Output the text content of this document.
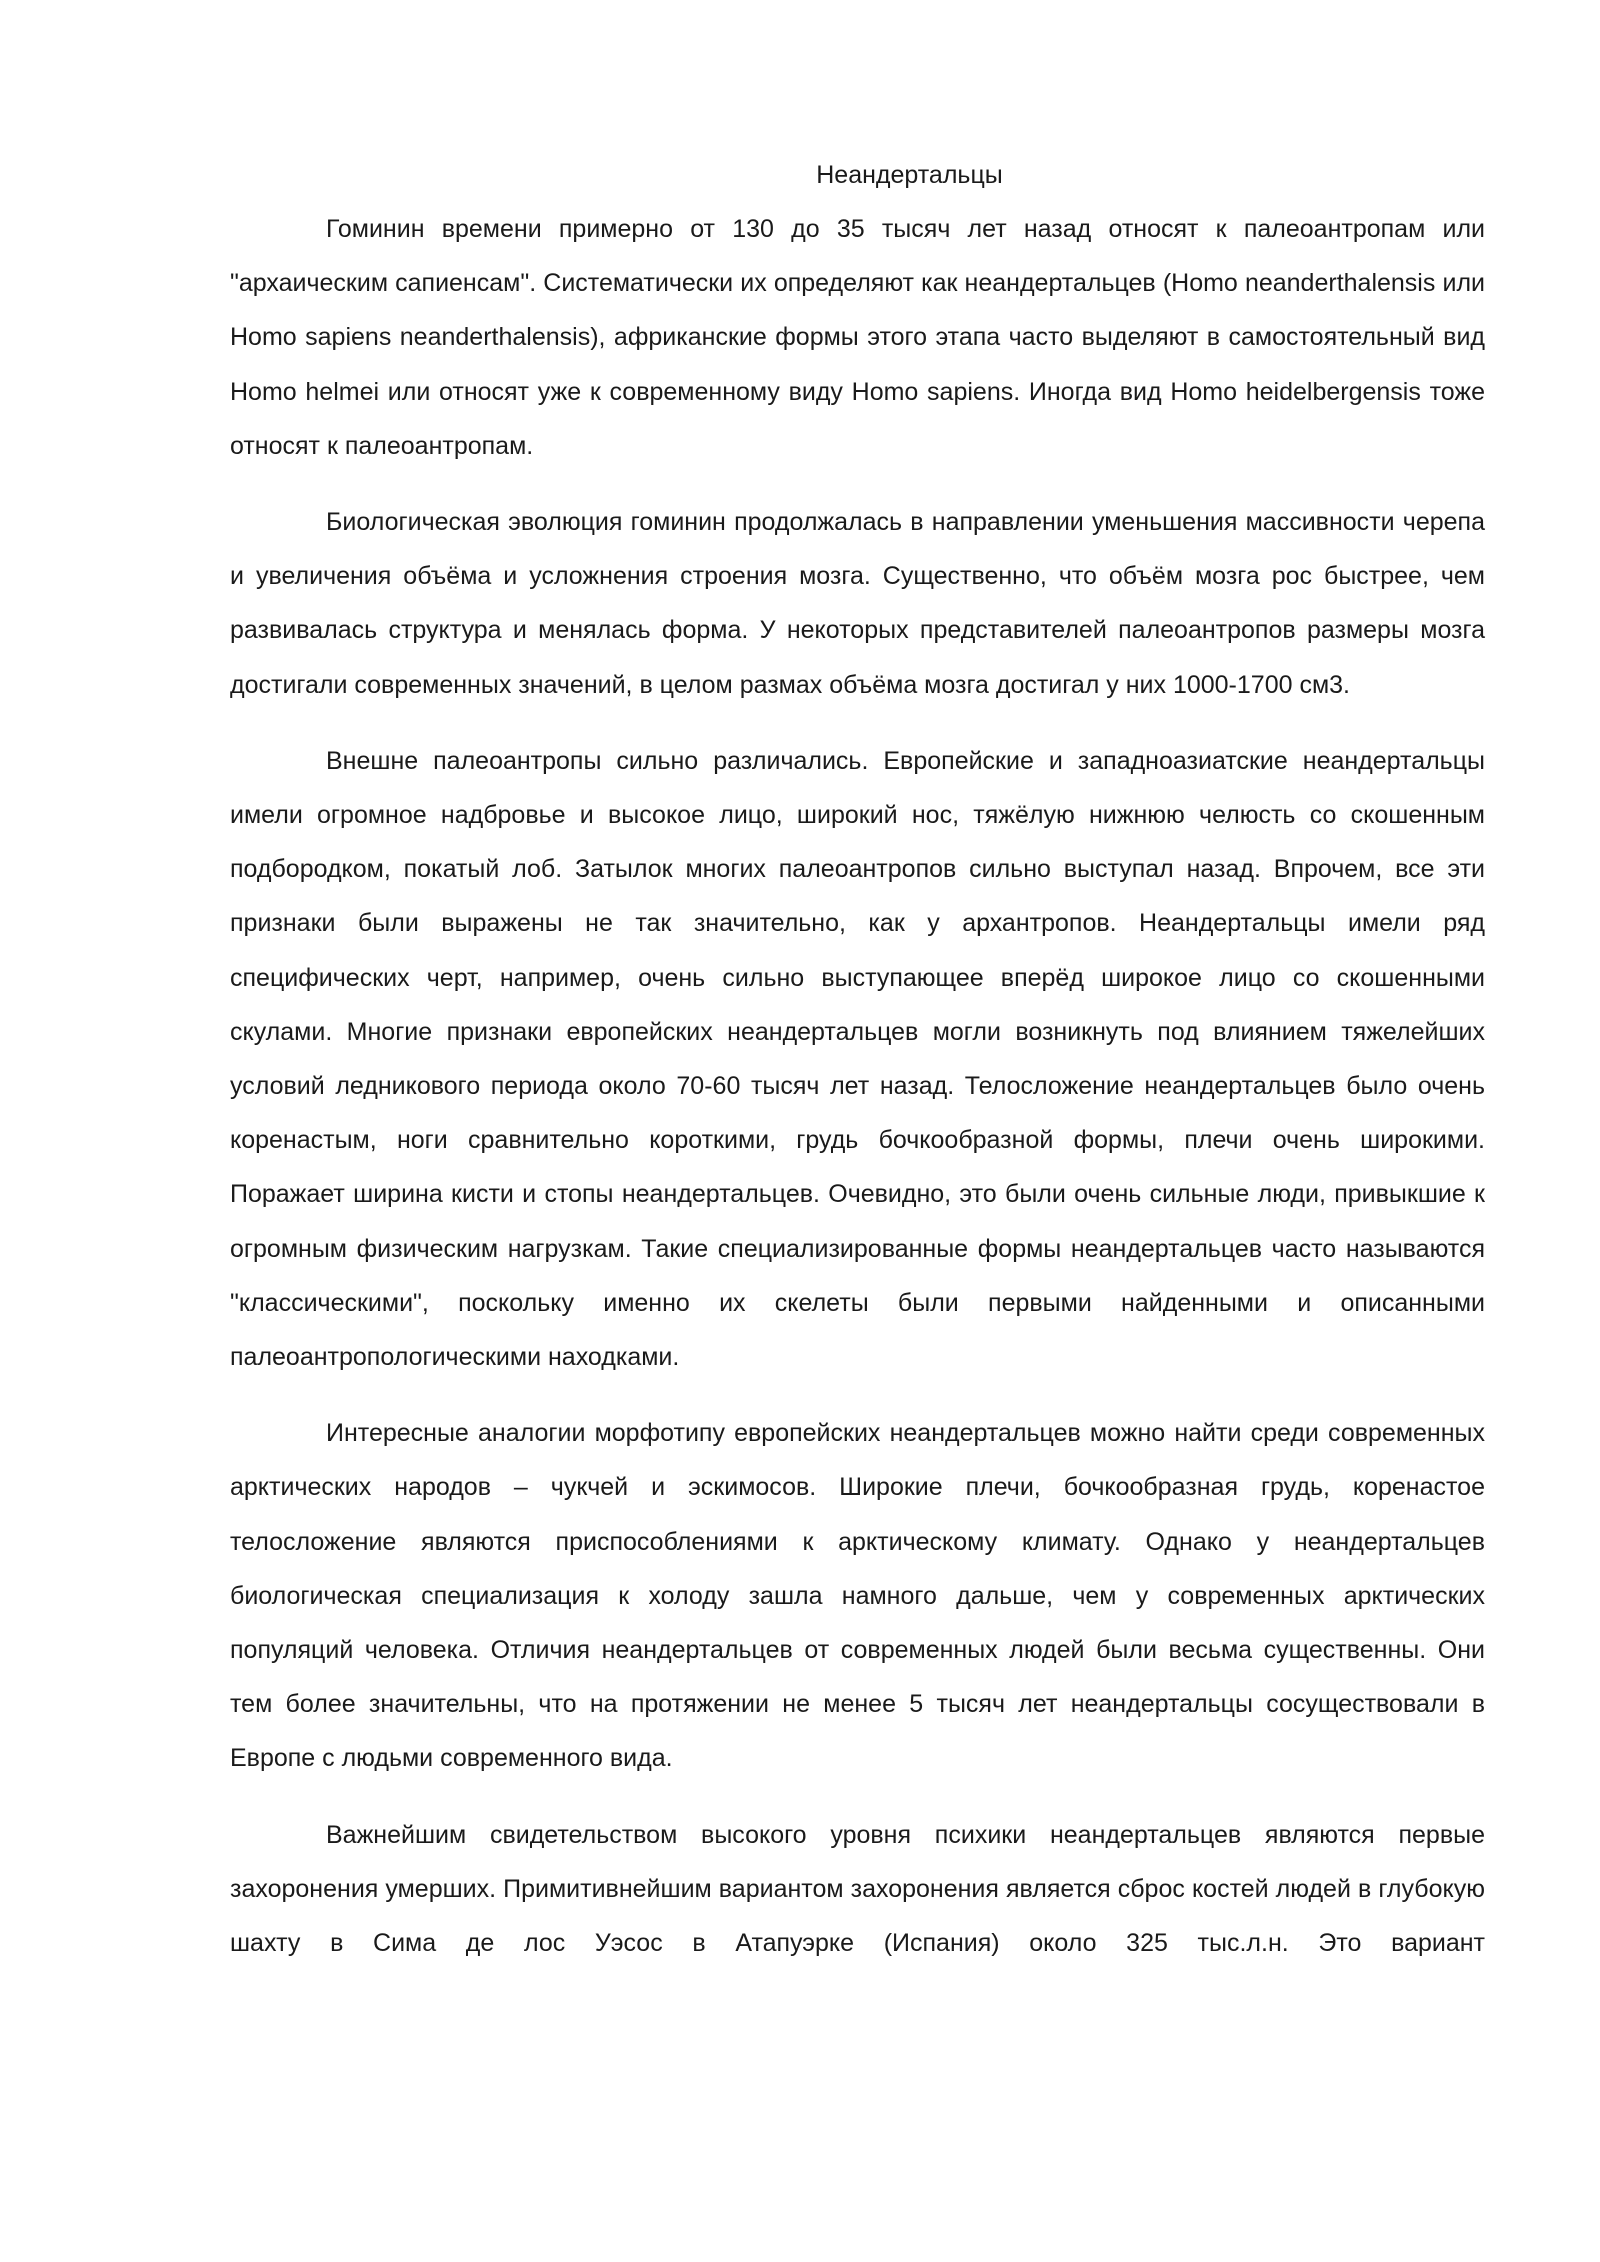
Неандертальцы

Гоминин времени примерно от 130 до 35 тысяч лет назад относят к палеоантропам или "архаическим сапиенсам". Систематически их определяют как неандертальцев (Homo neanderthalensis или Homo sapiens neanderthalensis), африканские формы этого этапа часто выделяют в самостоятельный вид Homo helmei или относят уже к современному виду Homo sapiens. Иногда вид Homo heidelbergensis тоже относят к палеоантропам.

Биологическая эволюция гоминин продолжалась в направлении уменьшения массивности черепа и увеличения объёма и усложнения строения мозга. Существенно, что объём мозга рос быстрее, чем развивалась структура и менялась форма. У некоторых представителей палеоантропов размеры мозга достигали современных значений, в целом размах объёма мозга достигал у них 1000-1700 см3.

Внешне палеоантропы сильно различались. Европейские и западноазиатские неандертальцы имели огромное надбровье и высокое лицо, широкий нос, тяжёлую нижнюю челюсть со скошенным подбородком, покатый лоб. Затылок многих палеоантропов сильно выступал назад. Впрочем, все эти признаки были выражены не так значительно, как у архантропов. Неандертальцы имели ряд специфических черт, например, очень сильно выступающее вперёд широкое лицо со скошенными скулами. Многие признаки европейских неандертальцев могли возникнуть под влиянием тяжелейших условий ледникового периода около 70-60 тысяч лет назад. Телосложение неандертальцев было очень коренастым, ноги сравнительно короткими, грудь бочкообразной формы, плечи очень широкими. Поражает ширина кисти и стопы неандертальцев. Очевидно, это были очень сильные люди, привыкшие к огромным физическим нагрузкам. Такие специализированные формы неандертальцев часто называются "классическими", поскольку именно их скелеты были первыми найденными и описанными палеоантропологическими находками.

Интересные аналогии морфотипу европейских неандертальцев можно найти среди современных арктических народов – чукчей и эскимосов. Широкие плечи, бочкообразная грудь, коренастое телосложение являются приспособлениями к арктическому климату. Однако у неандертальцев биологическая специализация к холоду зашла намного дальше, чем у современных арктических популяций человека. Отличия неандертальцев от современных людей были весьма существенны. Они тем более значительны, что на протяжении не менее 5 тысяч лет неандертальцы сосуществовали в Европе с людьми современного вида.

Важнейшим свидетельством высокого уровня психики неандертальцев являются первые захоронения умерших. Примитивнейшим вариантом захоронения является сброс костей людей в глубокую шахту в Сима де лос Уэсос в Атапуэрке (Испания) около 325 тыс.л.н. Это вариант
